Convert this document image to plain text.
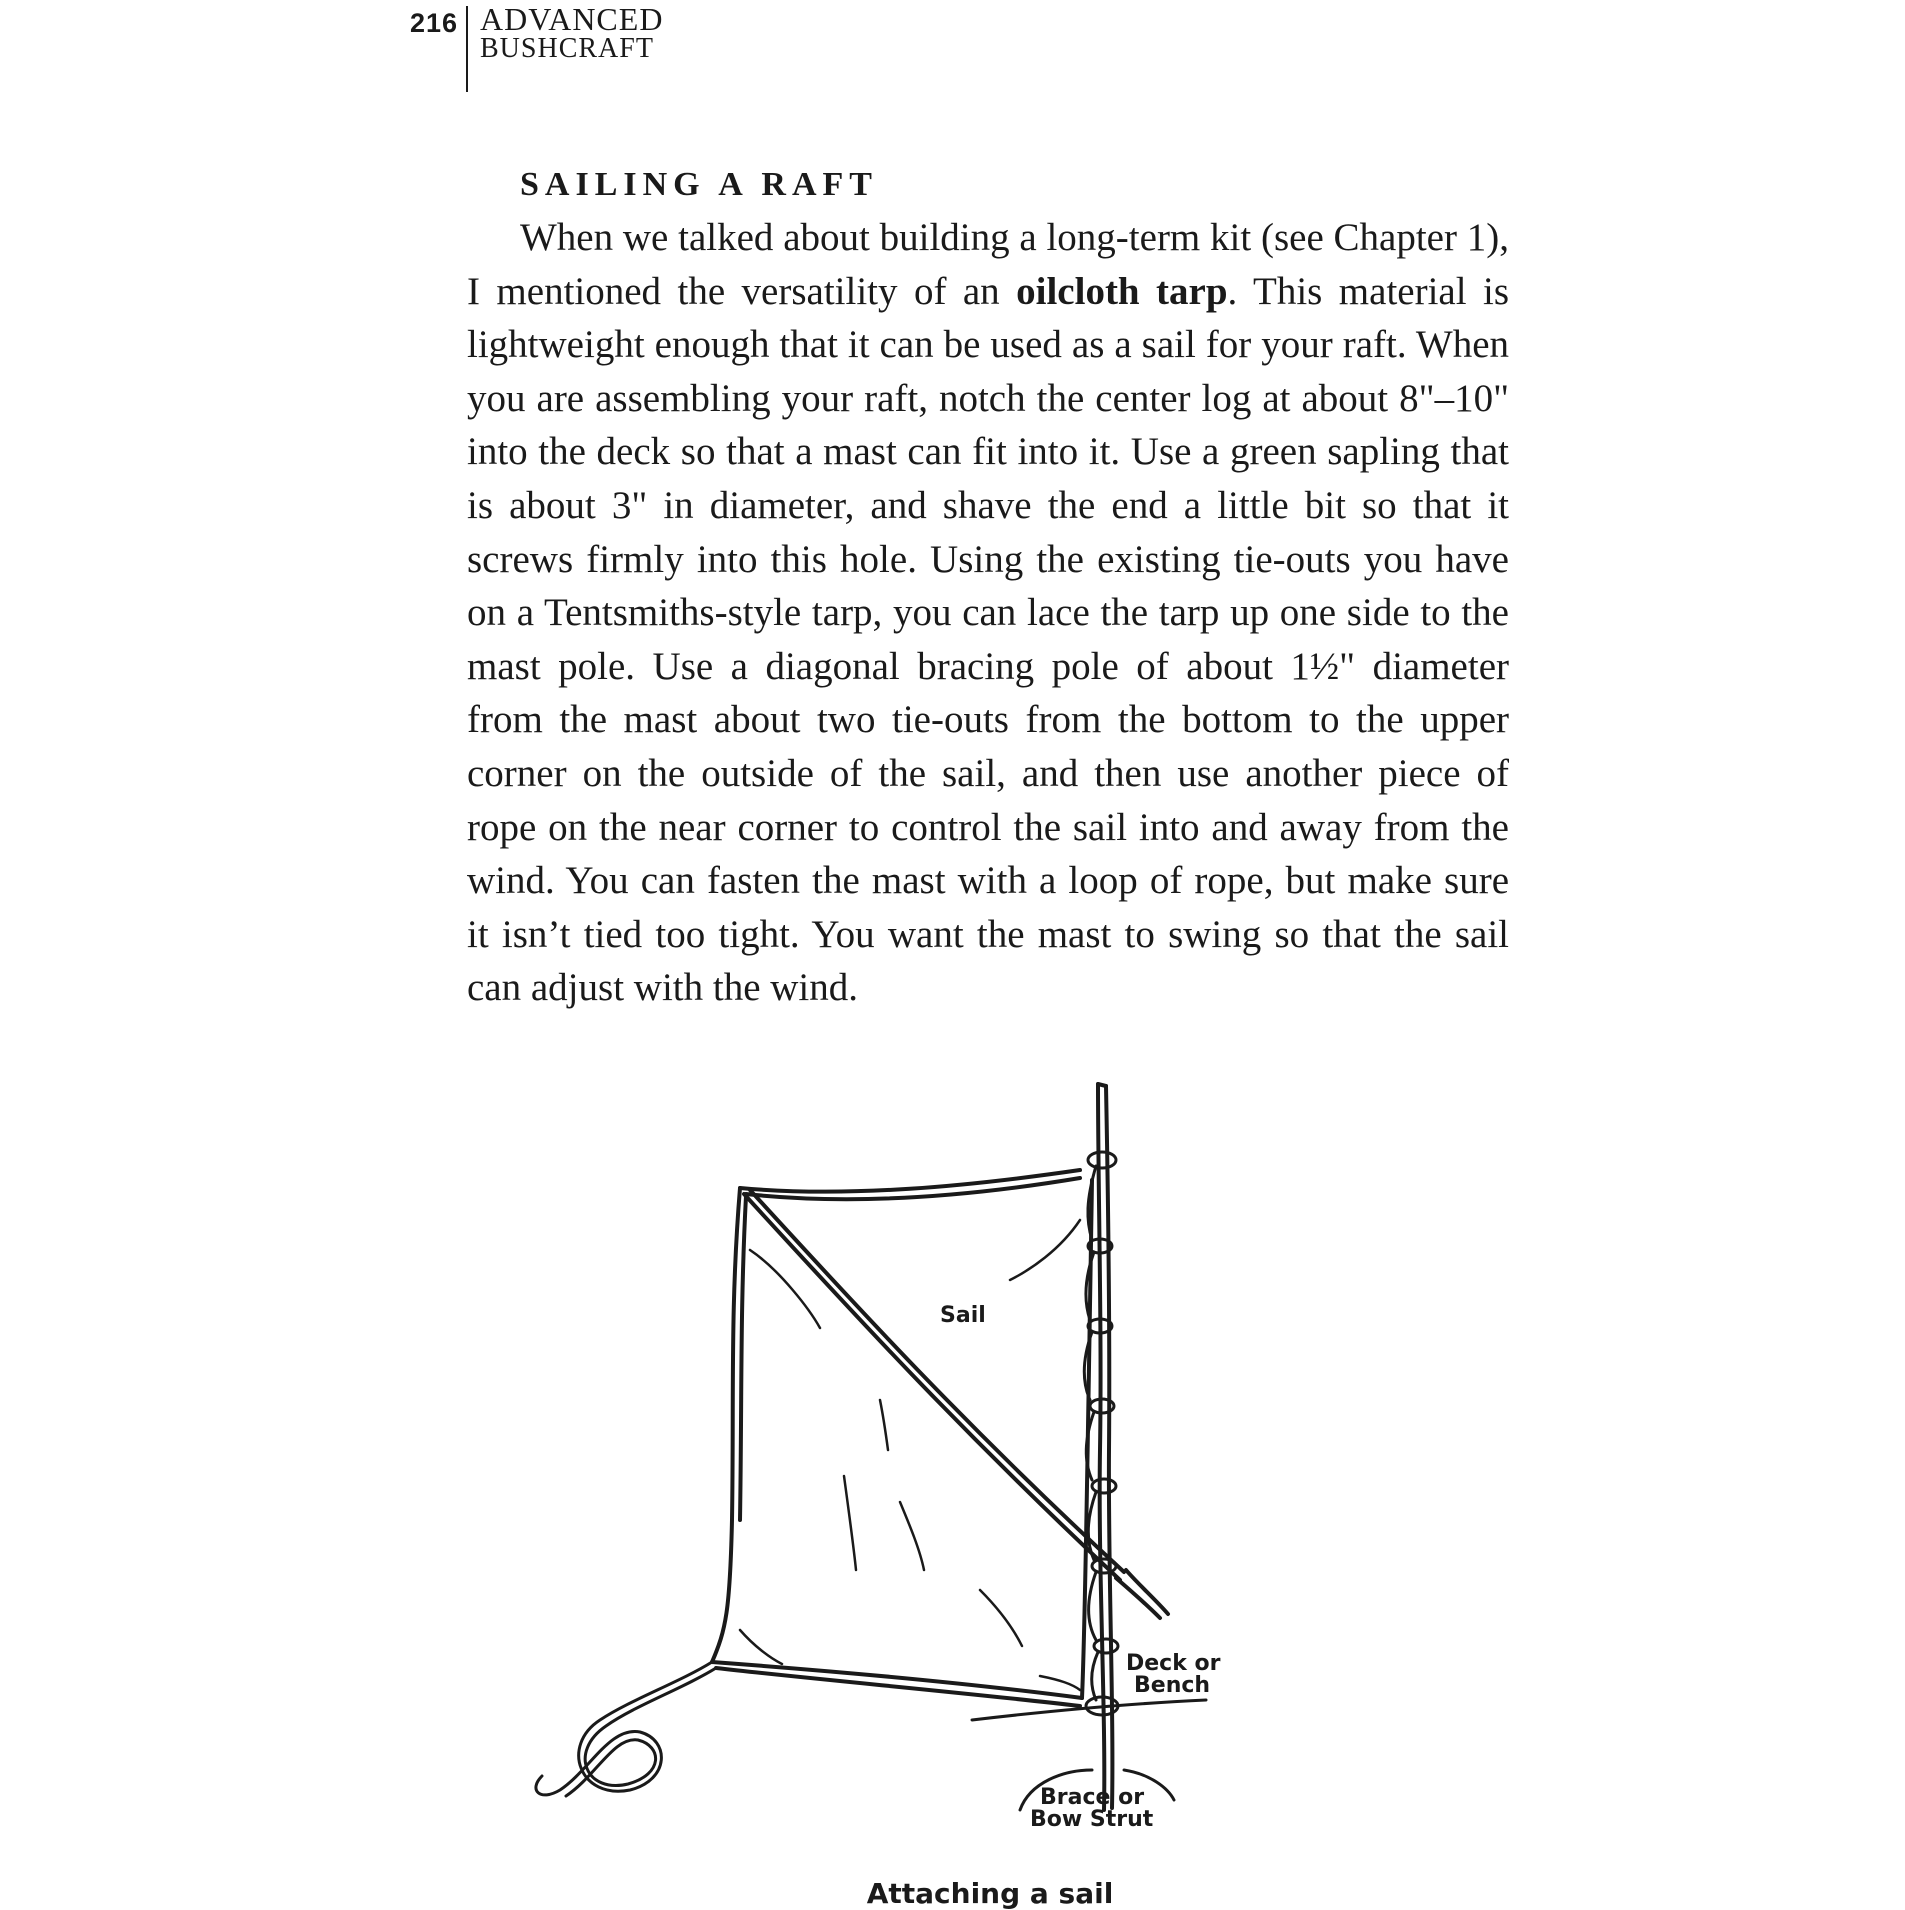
216 ADVANCED
BUSHCRAFT
SAILING A RAFT

When we talked about building a long-term kit (see Chapter 1), I mentioned the versatility of an oilcloth tarp. This material is lightweight enough that it can be used as a sail for your raft. When you are assembling your raft, notch the center log at about 8"–10" into the deck so that a mast can fit into it. Use a green sapling that is about 3" in diameter, and shave the end a little bit so that it screws firmly into this hole. Using the existing tie-outs you have on a Tentsmiths-style tarp, you can lace the tarp up one side to the mast pole. Use a diagonal bracing pole of about 1½" diameter from the mast about two tie-outs from the bottom to the upper corner on the outside of the sail, and then use another piece of rope on the near corner to control the sail into and away from the wind. You can fasten the mast with a loop of rope, but make sure it isn’t tied too tight. You want the mast to swing so that the sail can adjust with the wind.

Sail
Deck or
Bench
Brace or
Bow Strut
Attaching a sail
